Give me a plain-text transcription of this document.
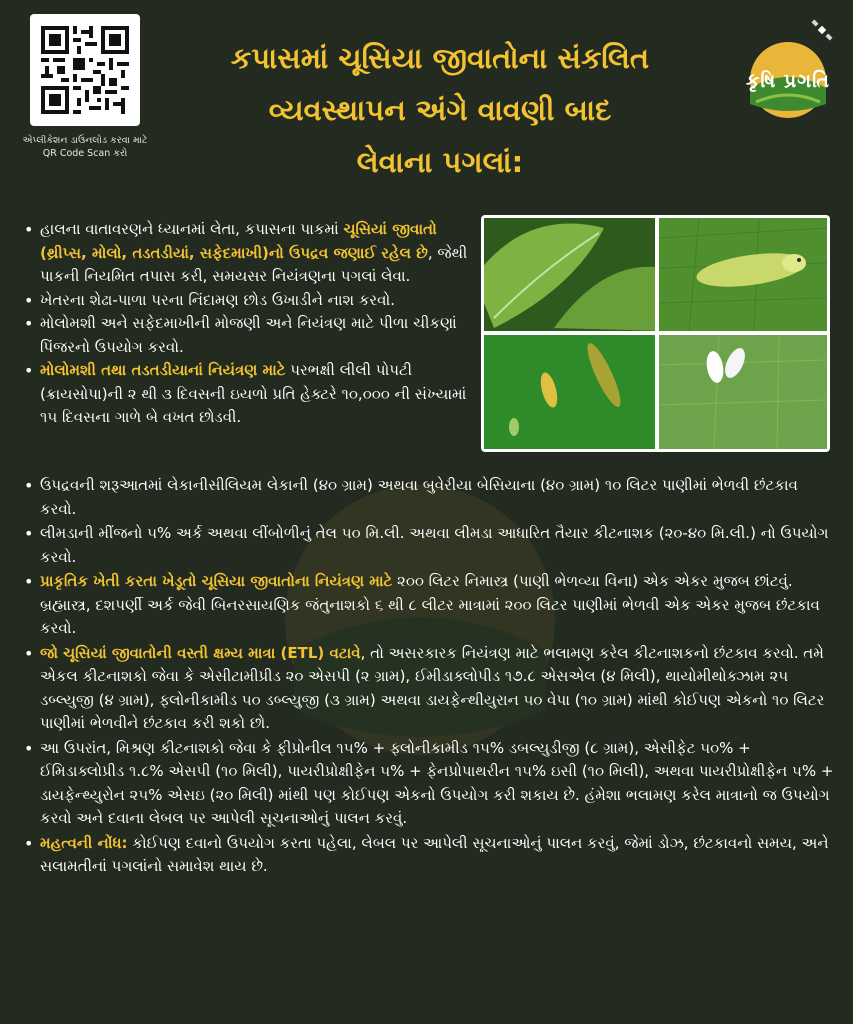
એપ્લીકેશન ડાઉનલોડ કરવા માટે
QR Code Scan કરો
કપાસમાં ચૂસિયા જીવાતોના સંકલિત
વ્યવસ્થાપન અંગે વાવણી બાદ
લેવાના પગલાં:
કૃષિ પ્રગતિ
• હાલના વાતાવરણને ધ્યાનમાં લેતા, કપાસના પાકમાં ચૂસિયાં જીવાતો (થ્રીપ્સ, મોલો, તડતડીયાં, સફેદમાખી)નો ઉપદ્રવ જણાઈ રહેલ છે, જેથી પાકની નિયમિત તપાસ કરી, સમયસર નિયંત્રણના પગલાં લેવા.
• ખેતરના શેઢા-પાળા પરના નિંદામણ છોડ ઉખાડીને નાશ કરવો.
• મોલોમશી અને સફેદમાખીની મોજણી અને નિયંત્રણ માટે પીળા ચીકણાં પિંજરનો ઉપયોગ કરવો.
• મોલોમશી તથા તડતડીયાનાં નિયંત્રણ માટે પરભક્ષી લીલી પોપટી (ક્રાયસોપા)ની ૨ થી ૩ દિવસની ઇયળો પ્રતિ હેક્ટરે ૧૦,૦૦૦ ની સંખ્યામાં ૧૫ દિવસના ગાળે બે વખત છોડવી.
• ઉપદ્રવની શરૂઆતમાં લેકાનીસીલિયમ લેકાની (૪૦ ગ્રામ) અથવા બુવેરીયા બેસિયાના (૪૦ ગ્રામ) ૧૦ લિટર પાણીમાં ભેળવી છંટકાવ કરવો.
• લીમડાની મીંજનો ૫% અર્ક અથવા લીંબોળીનું તેલ ૫૦ મિ.લી. અથવા લીમડા આધારિત તૈયાર કીટનાશક (૨૦-૪૦ મિ.લી.) નો ઉપયોગ કરવો.
• પ્રાકૃતિક ખેતી કરતા ખેડૂતો ચૂસિયા જીવાતોના નિયંત્રણ માટે ૨૦૦ લિટર નિમાસ્ત્ર (પાણી ભેળવ્યા વિના) એક એકર મુજબ છાંટવું. બ્રહ્માસ્ત્ર, દશપર્ણી અર્ક જેવી બિનરસાયણિક જંતુનાશકો ૬ થી ૮ લીટર માત્રામાં ૨૦૦ લિટર પાણીમાં ભેળવી એક એકર મુજબ છંટકાવ કરવો.
• જો ચૂસિયાં જીવાતોની વસ્તી ક્ષમ્ય માત્રા (ETL) વટાવે, તો અસરકારક નિયંત્રણ માટે ભલામણ કરેલ કીટનાશકનો છંટકાવ કરવો. તમે એકલ કીટનાશકો જેવા કે એસીટામીપ્રીડ ૨૦ એસપી (૨ ગ્રામ), ઈમીડાક્લોપીડ ૧૭.૮ એસએલ (૪ મિલી), થાયોમીથોક્ઝામ ૨૫ ડબ્લ્યુજી (૪ ગ્રામ), ફ્લોનીકામીડ ૫૦ ડબ્લ્યુજી (૩ ગ્રામ) અથવા ડાયફેન્થીયુરાન ૫૦ વેપા (૧૦ ગ્રામ) માંથી કોઈપણ એકનો ૧૦ લિટર પાણીમાં ભેળવીને છંટકાવ કરી શકો છો.
• આ ઉપરાંત, મિશ્રણ કીટનાશકો જેવા કે ફીપ્રોનીલ ૧૫% + ફ્લોનીકામીડ ૧૫% ડબલ્યુડીજી (૮ ગ્રામ), એસીફેટ ૫૦% + ઈમિડાક્લોપ્રીડ ૧.૮% એસપી (૧૦ મિલી), પાયરીપ્રોક્ષીફેન ૫% + ફેનપ્રોપાથરીન ૧૫% ઇસી (૧૦ મિલી), અથવા પાયરીપ્રોક્ષીફેન ૫% + ડાયફેન્થ્યુરોન ૨૫% એસઇ (૨૦ મિલી) માંથી પણ કોઈપણ એકનો ઉપયોગ કરી શકાય છે. હંમેશા ભલામણ કરેલ માત્રાનો જ ઉપયોગ કરવો અને દવાના લેબલ પર આપેલી સૂચનાઓનું પાલન કરવું.
• મહત્વની નોંધ: કોઈપણ દવાનો ઉપયોગ કરતા પહેલા, લેબલ પર આપેલી સૂચનાઓનું પાલન કરવું, જેમાં ડોઝ, છંટકાવનો સમય, અને સલામતીનાં પગલાંનો સમાવેશ થાય છે.
